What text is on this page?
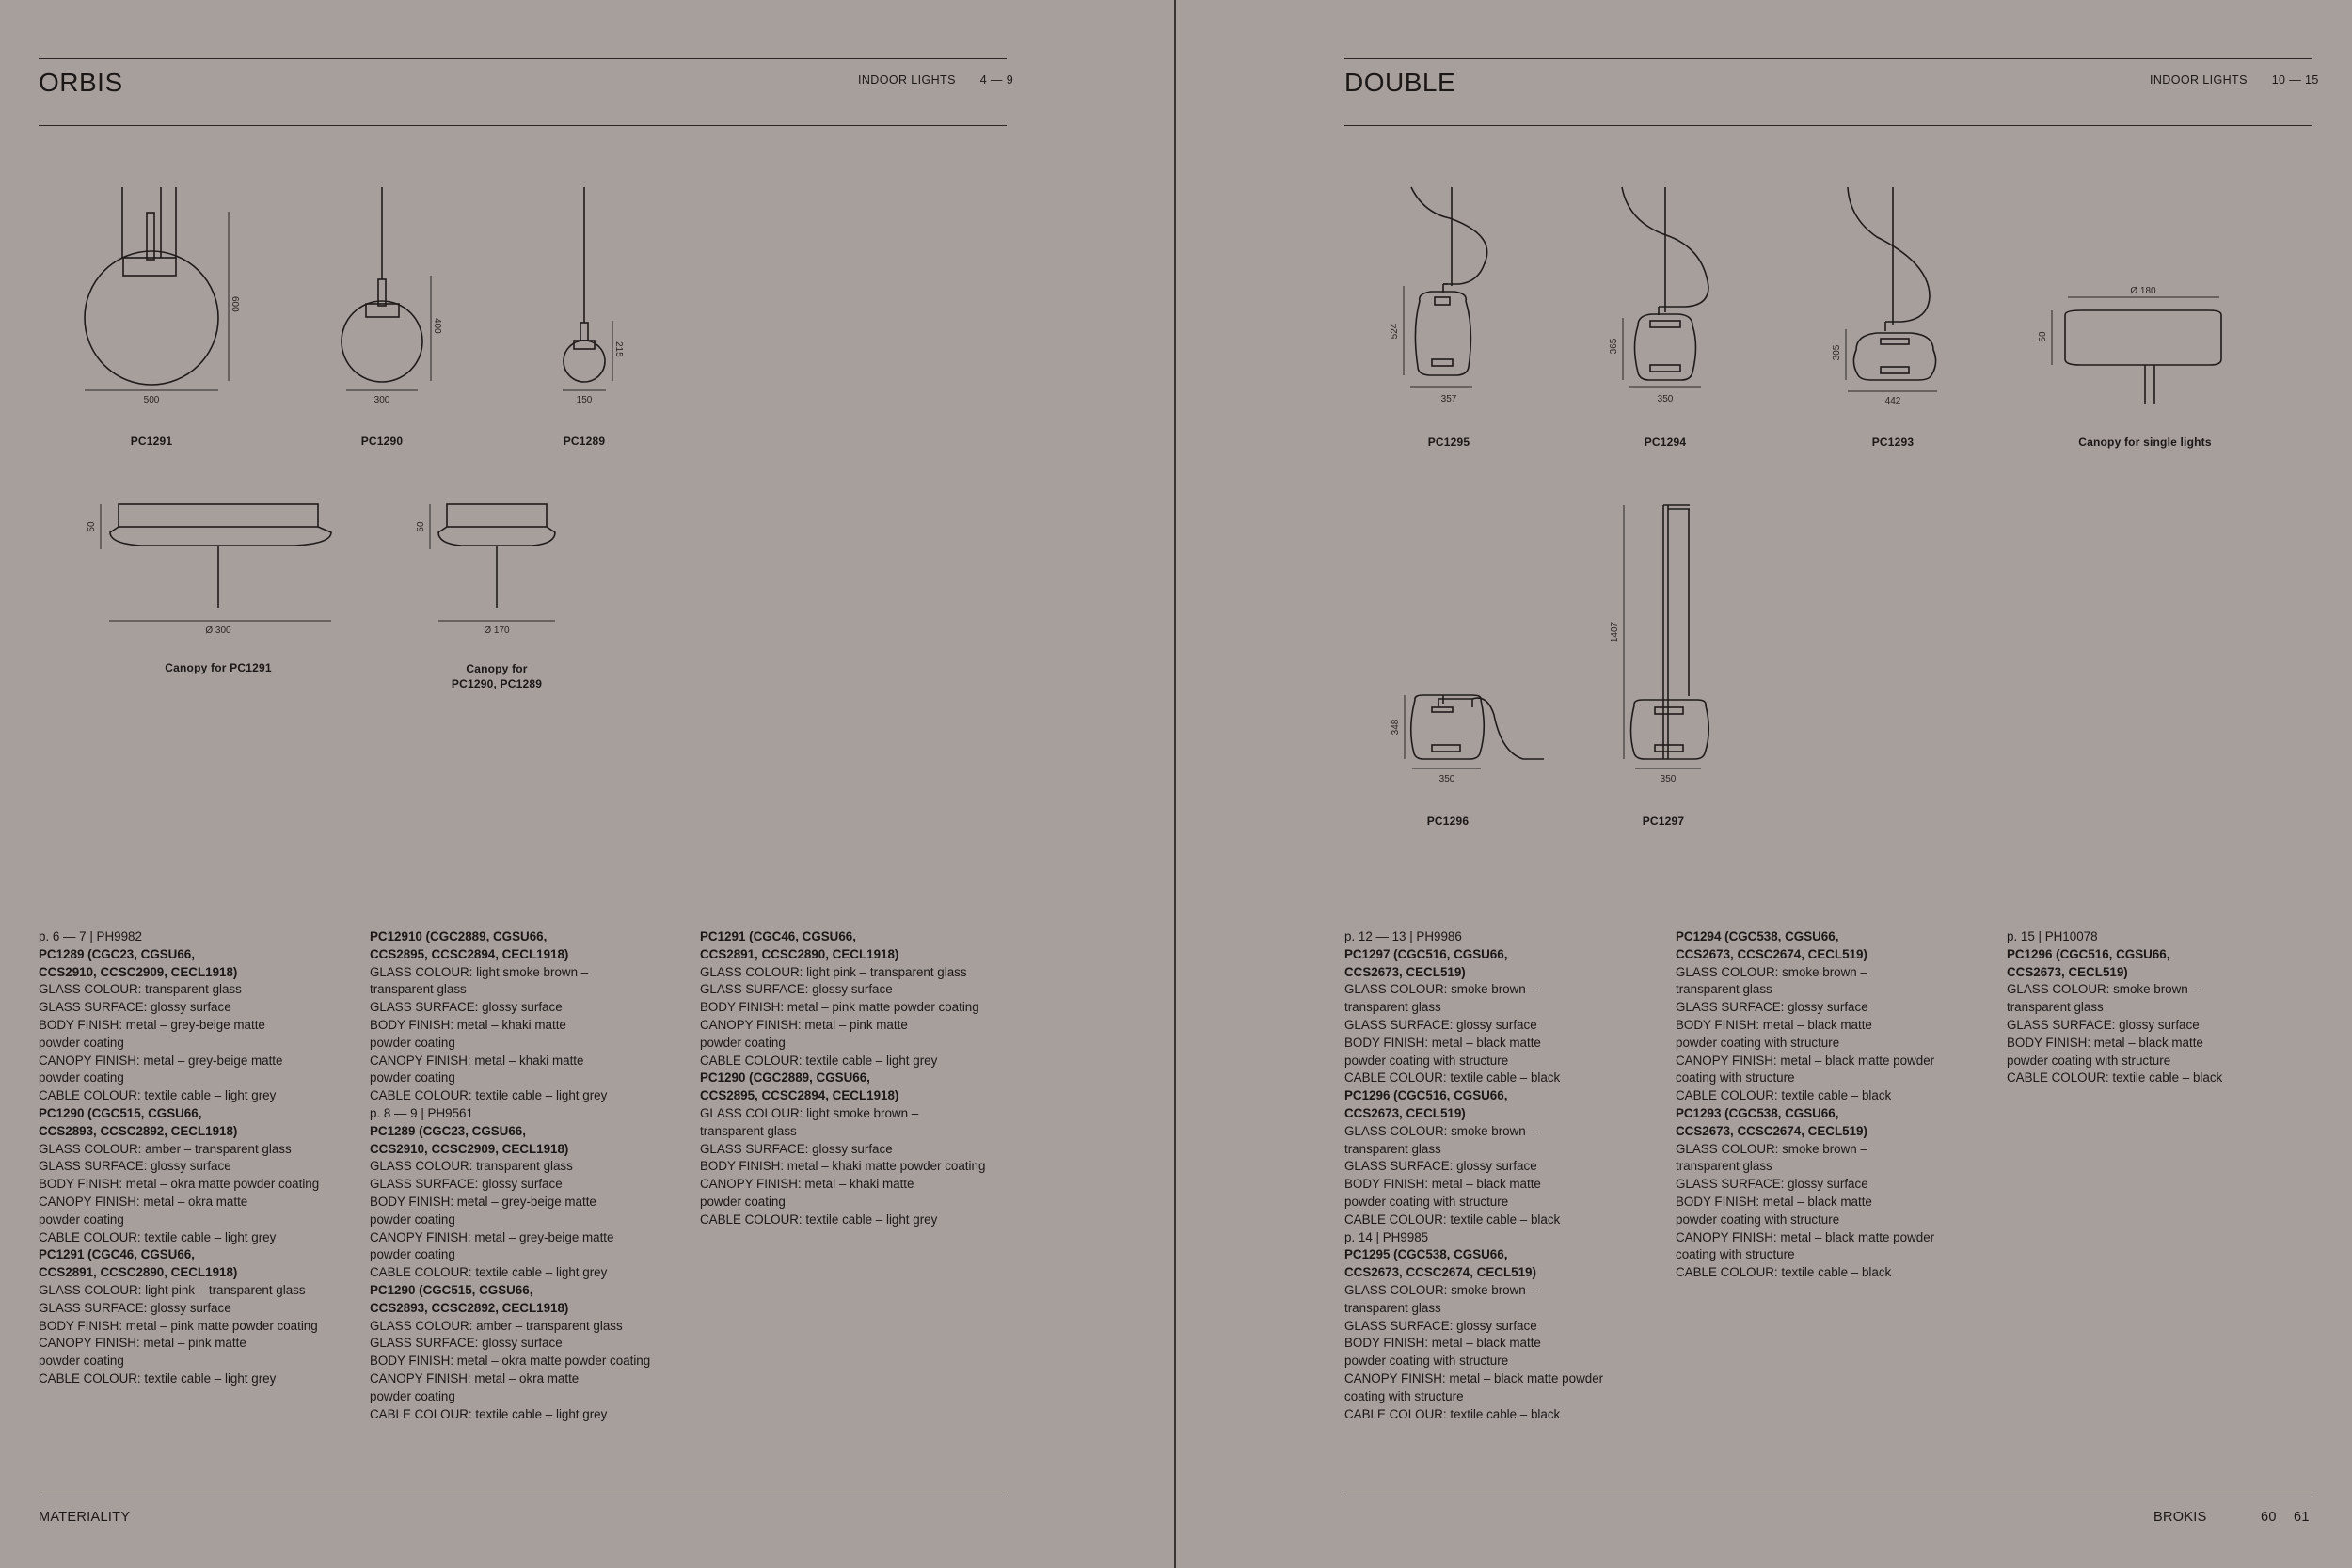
ORBIS	INDOOR LIGHTS 4 — 9
500
600
300
400
150
215
Ø 300
50
Ø 170
50
PC1291	PC1290	PC1289
Canopy for PC1291	Canopy for
PC1290, PC1289
p. 6 — 7 | PH9982
PC1289 (CGC23, CGSU66,
CCS2910, CCSC2909, CECL1918)
GLASS COLOUR: transparent glass
GLASS SURFACE: glossy surface
BODY FINISH: metal – grey-beige matte
powder coating
CANOPY FINISH: metal – grey-beige matte
powder coating
CABLE COLOUR: textile cable – light grey
PC1290 (CGC515, CGSU66,
CCS2893, CCSC2892, CECL1918)
GLASS COLOUR: amber – transparent glass
GLASS SURFACE: glossy surface
BODY FINISH: metal – okra matte powder coating
CANOPY FINISH: metal – okra matte
powder coating
CABLE COLOUR: textile cable – light grey
PC1291 (CGC46, CGSU66,
CCS2891, CCSC2890, CECL1918)
GLASS COLOUR: light pink – transparent glass
GLASS SURFACE: glossy surface
BODY FINISH: metal – pink matte powder coating
CANOPY FINISH: metal – pink matte
powder coating
CABLE COLOUR: textile cable – light grey
PC12910 (CGC2889, CGSU66,
CCS2895, CCSC2894, CECL1918)
GLASS COLOUR: light smoke brown –
transparent glass
GLASS SURFACE: glossy surface
BODY FINISH: metal – khaki matte
powder coating
CANOPY FINISH: metal – khaki matte
powder coating
CABLE COLOUR: textile cable – light grey
p. 8 — 9 | PH9561
PC1289 (CGC23, CGSU66,
CCS2910, CCSC2909, CECL1918)
GLASS COLOUR: transparent glass
GLASS SURFACE: glossy surface
BODY FINISH: metal – grey-beige matte
powder coating
CANOPY FINISH: metal – grey-beige matte
powder coating
CABLE COLOUR: textile cable – light grey
PC1290 (CGC515, CGSU66,
CCS2893, CCSC2892, CECL1918)
GLASS COLOUR: amber – transparent glass
GLASS SURFACE: glossy surface
BODY FINISH: metal – okra matte powder coating
CANOPY FINISH: metal – okra matte
powder coating
CABLE COLOUR: textile cable – light grey
PC1291 (CGC46, CGSU66,
CCS2891, CCSC2890, CECL1918)
GLASS COLOUR: light pink – transparent glass
GLASS SURFACE: glossy surface
BODY FINISH: metal – pink matte powder coating
CANOPY FINISH: metal – pink matte
powder coating
CABLE COLOUR: textile cable – light grey
PC1290 (CGC2889, CGSU66,
CCS2895, CCSC2894, CECL1918)
GLASS COLOUR: light smoke brown –
transparent glass
GLASS SURFACE: glossy surface
BODY FINISH: metal – khaki matte powder coating
CANOPY FINISH: metal – khaki matte
powder coating
CABLE COLOUR: textile cable – light grey
MATERIALITY
DOUBLE	INDOOR LIGHTS 10 — 15
357
524
350
365
442
305
Ø 180
50
350
348
350
1407
PC1295	PC1294	PC1293	Canopy for single lights
PC1296	PC1297
p. 12 — 13 | PH9986
PC1297 (CGC516, CGSU66,
CCS2673, CECL519)
GLASS COLOUR: smoke brown –
transparent glass
GLASS SURFACE: glossy surface
BODY FINISH: metal – black matte
powder coating with structure
CABLE COLOUR: textile cable – black
PC1296 (CGC516, CGSU66,
CCS2673, CECL519)
GLASS COLOUR: smoke brown –
transparent glass
GLASS SURFACE: glossy surface
BODY FINISH: metal – black matte
powder coating with structure
CABLE COLOUR: textile cable – black
p. 14 | PH9985
PC1295 (CGC538, CGSU66,
CCS2673, CCSC2674, CECL519)
GLASS COLOUR: smoke brown –
transparent glass
GLASS SURFACE: glossy surface
BODY FINISH: metal – black matte
powder coating with structure
CANOPY FINISH: metal – black matte powder
coating with structure
CABLE COLOUR: textile cable – black
PC1294 (CGC538, CGSU66,
CCS2673, CCSC2674, CECL519)
GLASS COLOUR: smoke brown –
transparent glass
GLASS SURFACE: glossy surface
BODY FINISH: metal – black matte
powder coating with structure
CANOPY FINISH: metal – black matte powder
coating with structure
CABLE COLOUR: textile cable – black
PC1293 (CGC538, CGSU66,
CCS2673, CCSC2674, CECL519)
GLASS COLOUR: smoke brown –
transparent glass
GLASS SURFACE: glossy surface
BODY FINISH: metal – black matte
powder coating with structure
CANOPY FINISH: metal – black matte powder
coating with structure
CABLE COLOUR: textile cable – black
p. 15 | PH10078
PC1296 (CGC516, CGSU66,
CCS2673, CECL519)
GLASS COLOUR: smoke brown –
transparent glass
GLASS SURFACE: glossy surface
BODY FINISH: metal – black matte
powder coating with structure
CABLE COLOUR: textile cable – black
BROKIS	60 61
